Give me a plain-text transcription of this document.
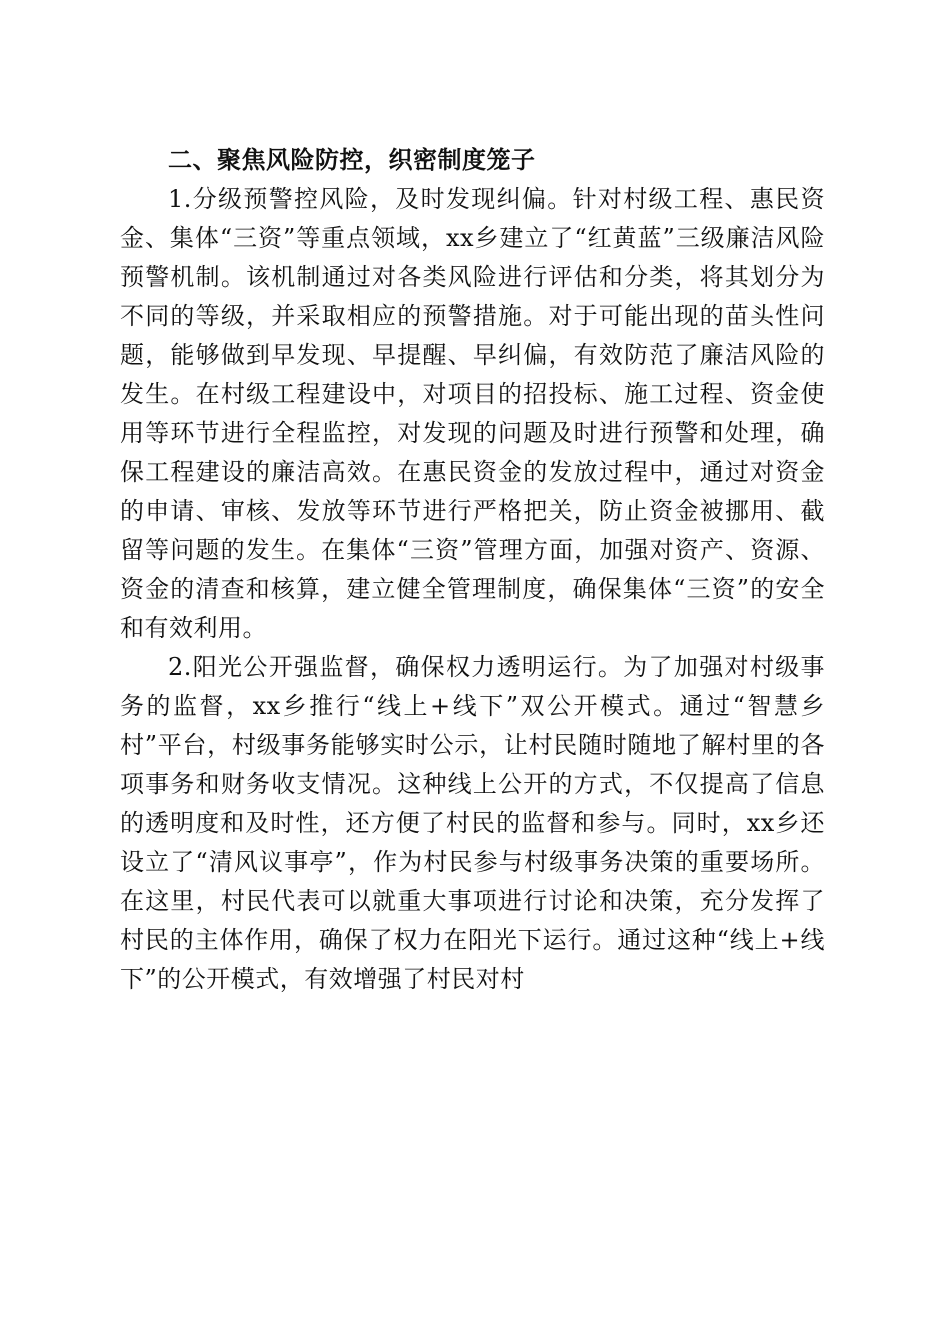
二、聚焦风险防控，织密制度笼子

1.分级预警控风险，及时发现纠偏。针对村级工程、惠民资金、集体“三资”等重点领域，xx乡建立了“红黄蓝”三级廉洁风险预警机制。该机制通过对各类风险进行评估和分类，将其划分为不同的等级，并采取相应的预警措施。对于可能出现的苗头性问题，能够做到早发现、早提醒、早纠偏，有效防范了廉洁风险的发生。在村级工程建设中，对项目的招投标、施工过程、资金使用等环节进行全程监控，对发现的问题及时进行预警和处理，确保工程建设的廉洁高效。在惠民资金的发放过程中，通过对资金的申请、审核、发放等环节进行严格把关，防止资金被挪用、截留等问题的发生。在集体“三资”管理方面，加强对资产、资源、资金的清查和核算，建立健全管理制度，确保集体“三资”的安全和有效利用。

2.阳光公开强监督，确保权力透明运行。为了加强对村级事务的监督，xx乡推行“线上+线下”双公开模式。通过“智慧乡村”平台，村级事务能够实时公示，让村民随时随地了解村里的各项事务和财务收支情况。这种线上公开的方式，不仅提高了信息的透明度和及时性，还方便了村民的监督和参与。同时，xx乡还设立了“清风议事亭”，作为村民参与村级事务决策的重要场所。在这里，村民代表可以就重大事项进行讨论和决策，充分发挥了村民的主体作用，确保了权力在阳光下运行。通过这种“线上+线下”的公开模式，有效增强了村民对村
